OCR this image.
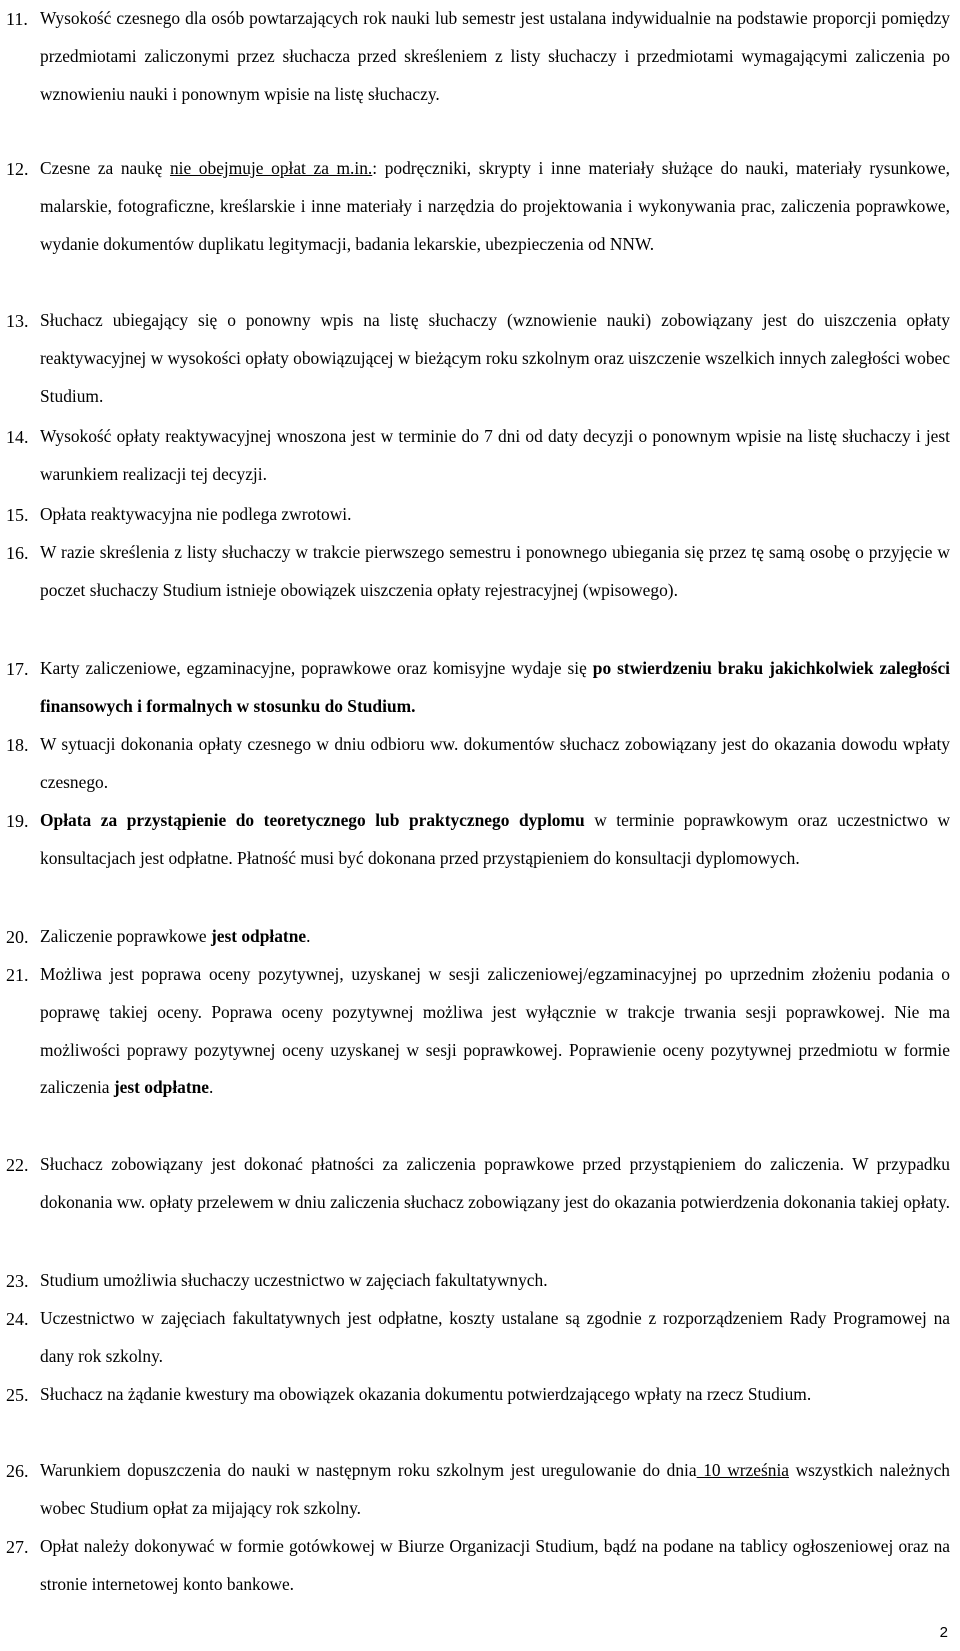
11. Wysokość czesnego dla osób powtarzających rok nauki lub semestr jest ustalana indywidualnie na podstawie proporcji pomiędzy przedmiotami zaliczonymi przez słuchacza przed skreśleniem z listy słuchaczy i przedmiotami wymagającymi zaliczenia po wznowieniu nauki i ponownym wpisie na listę słuchaczy.
12. Czesne za naukę nie obejmuje opłat za m.in.: podręczniki, skrypty i inne materiały służące do nauki, materiały rysunkowe, malarskie, fotograficzne, kreślarskie i inne materiały i narzędzia do projektowania i wykonywania prac, zaliczenia poprawkowe, wydanie dokumentów duplikatu legitymacji, badania lekarskie, ubezpieczenia od NNW.
13. Słuchacz ubiegający się o ponowny wpis na listę słuchaczy (wznowienie nauki) zobowiązany jest do uiszczenia opłaty reaktywacyjnej w wysokości opłaty obowiązującej w bieżącym roku szkolnym oraz uiszczenie wszelkich innych zaległości wobec Studium.
14. Wysokość opłaty reaktywacyjnej wnoszona jest w terminie do 7 dni od daty decyzji o ponownym wpisie na listę słuchaczy i jest warunkiem realizacji tej decyzji.
15. Opłata reaktywacyjna nie podlega zwrotowi.
16. W razie skreślenia z listy słuchaczy w trakcie pierwszego semestru i ponownego ubiegania się przez tę samą osobę o przyjęcie w poczet słuchaczy Studium istnieje obowiązek uiszczenia opłaty rejestracyjnej (wpisowego).
17. Karty zaliczeniowe, egzaminacyjne, poprawkowe oraz komisyjne wydaje się po stwierdzeniu braku jakichkolwiek zaległości finansowych i formalnych w stosunku do Studium.
18. W sytuacji dokonania opłaty czesnego w dniu odbioru ww. dokumentów słuchacz zobowiązany jest do okazania dowodu wpłaty czesnego.
19. Opłata za przystąpienie do teoretycznego lub praktycznego dyplomu w terminie poprawkowym oraz uczestnictwo w konsultacjach jest odpłatne. Płatność musi być dokonana przed przystąpieniem do konsultacji dyplomowych.
20. Zaliczenie poprawkowe jest odpłatne.
21. Możliwa jest poprawa oceny pozytywnej, uzyskanej w sesji zaliczeniowej/egzaminacyjnej po uprzednim złożeniu podania o poprawę takiej oceny. Poprawa oceny pozytywnej możliwa jest wyłącznie w trakcje trwania sesji poprawkowej. Nie ma możliwości poprawy pozytywnej oceny uzyskanej w sesji poprawkowej. Poprawienie oceny pozytywnej przedmiotu w formie zaliczenia jest odpłatne.
22. Słuchacz zobowiązany jest dokonać płatności za zaliczenia poprawkowe przed przystąpieniem do zaliczenia. W przypadku dokonania ww. opłaty przelewem w dniu zaliczenia słuchacz zobowiązany jest do okazania potwierdzenia dokonania takiej opłaty.
23. Studium umożliwia słuchaczy uczestnictwo w zajęciach fakultatywnych.
24. Uczestnictwo w zajęciach fakultatywnych jest odpłatne, koszty ustalane są zgodnie z rozporządzeniem Rady Programowej na dany rok szkolny.
25. Słuchacz na żądanie kwestury ma obowiązek okazania dokumentu potwierdzającego wpłaty na rzecz Studium.
26. Warunkiem dopuszczenia do nauki w następnym roku szkolnym jest uregulowanie do dnia 10 września wszystkich należnych wobec Studium opłat za mijający rok szkolny.
27. Opłat należy dokonywać w formie gotówkowej w Biurze Organizacji Studium, bądź na podane na tablicy ogłoszeniowej oraz na stronie internetowej konto bankowe.
2
